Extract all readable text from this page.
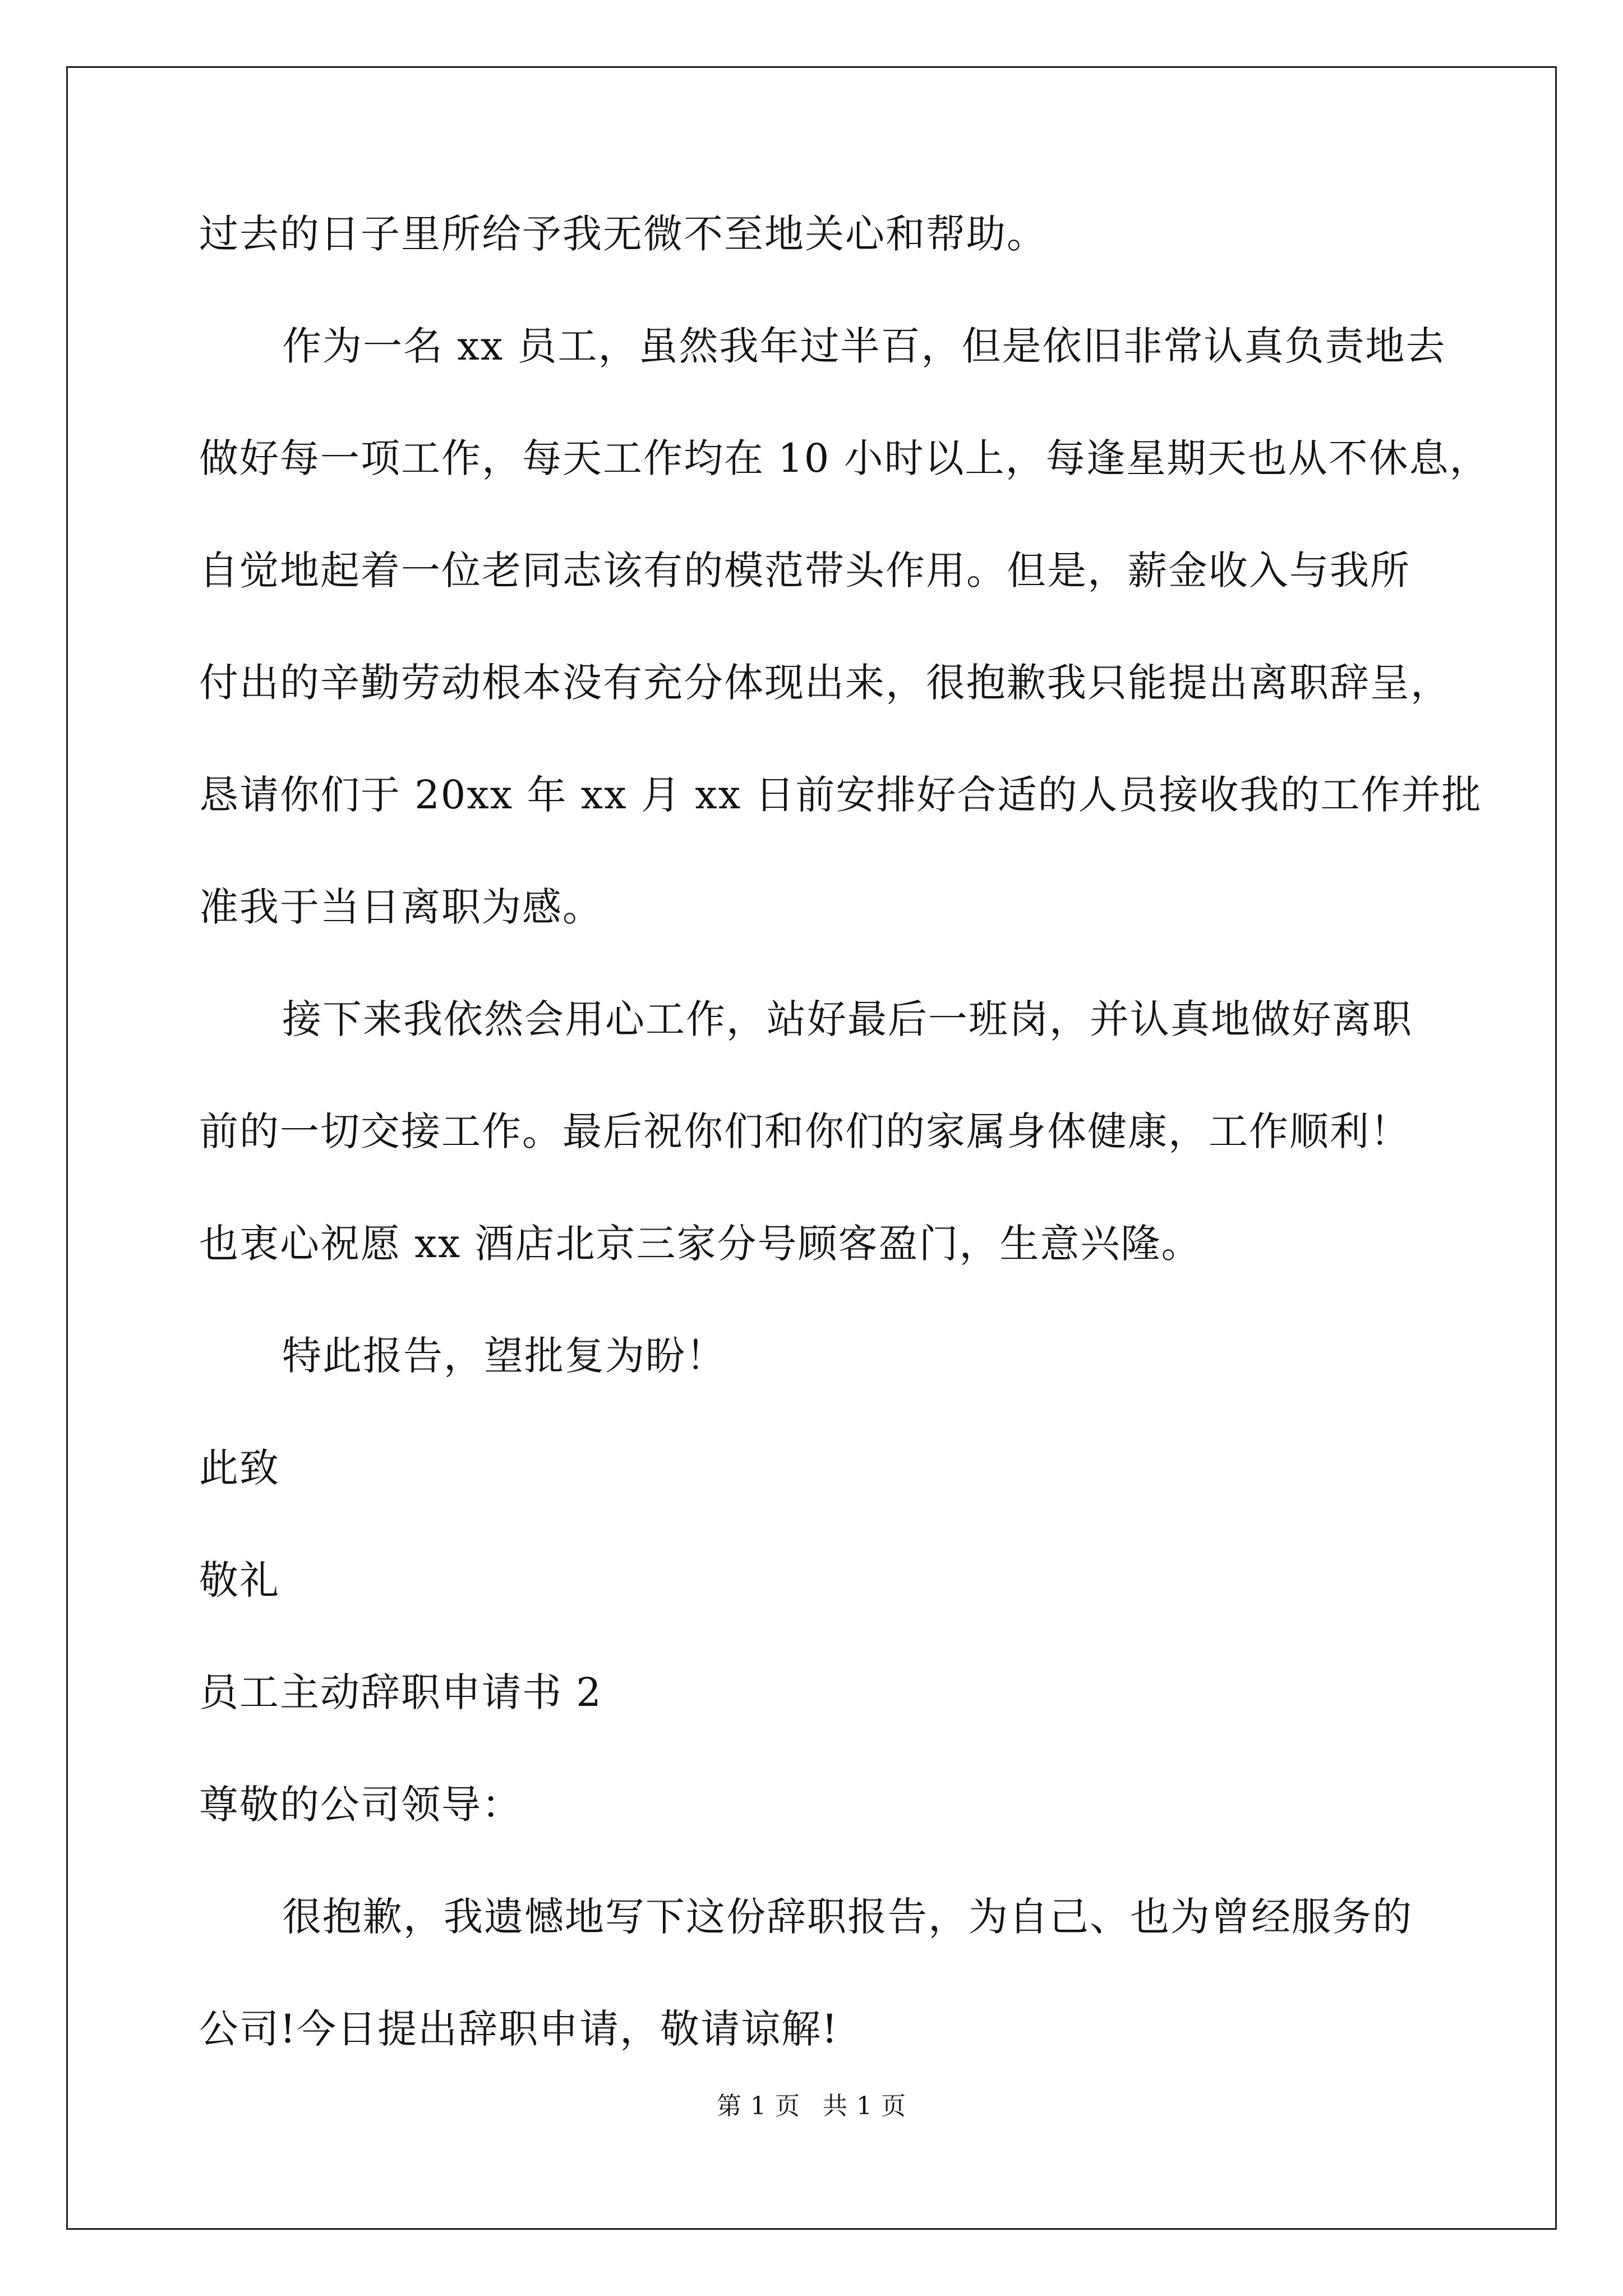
过去的日子里所给予我无微不至地关心和帮助。
作为一名 xx 员工，虽然我年过半百，但是依旧非常认真负责地去
做好每一项工作，每天工作均在 10 小时以上，每逢星期天也从不休息，
自觉地起着一位老同志该有的模范带头作用。但是，薪金收入与我所
付出的辛勤劳动根本没有充分体现出来，很抱歉我只能提出离职辞呈，
恳请你们于 20xx 年 xx 月 xx 日前安排好合适的人员接收我的工作并批
准我于当日离职为感。
接下来我依然会用心工作，站好最后一班岗，并认真地做好离职
前的一切交接工作。最后祝你们和你们的家属身体健康，工作顺利！
也衷心祝愿 xx 酒店北京三家分号顾客盈门，生意兴隆。
特此报告，望批复为盼！
此致
敬礼
员工主动辞职申请书 2
尊敬的公司领导：
很抱歉，我遗憾地写下这份辞职报告，为自己、也为曾经服务的
公司!今日提出辞职申请，敬请谅解!
第 1 页 共 1 页
